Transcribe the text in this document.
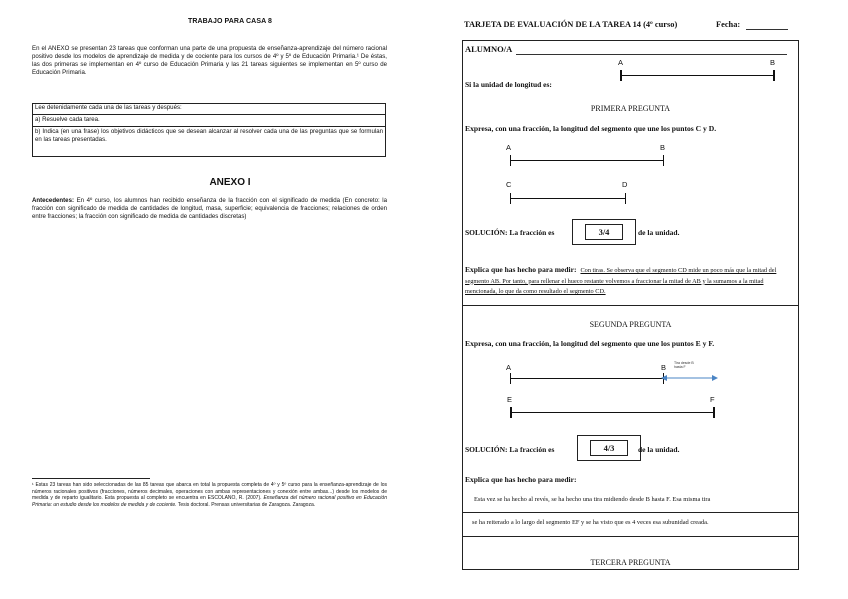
TRABAJO PARA CASA 8
En el ANEXO se presentan 23 tareas que conforman una parte de una propuesta de enseñanza-aprendizaje del número racional positivo desde los modelos de aprendizaje de medida y de cociente para los cursos de 4º y 5º de Educación Primaria.¹ De éstas, las dos primeras se implementan en 4º curso de Educación Primaria y las 21 tareas siguientes se implementan en 5º curso de Educación Primaria.

Lee detenidamente cada una de las tareas y después:

a) Resuelve cada tarea.

b) Indica (en una frase) los objetivos didácticos que se desean alcanzar al resolver cada una de las preguntas que se formulan en las tareas presentadas.

ANEXO I
Antecedentes: En 4º curso, los alumnos han recibido enseñanza de la fracción con el significado de medida (En concreto: la fracción con significado de medida de cantidades de longitud, masa, superficie; equivalencia de fracciones; relaciones de orden entre fracciones; la fracción con significado de medida de cantidades discretas)
¹ Estas 23 tareas han sido seleccionadas de las 85 tareas que abarca en total la propuesta completa de 4º y 5º curso para la enseñanza-aprendizaje de los números racionales positivos (fracciones, números decimales, operaciones con ambas representaciones y conexión entre ambas...) desde los modelos de medida y de reparto igualitario. Esta propuesta al completo se encuentra en ESCOLANO, R. (2007). Enseñanza del número racional positivo en Educación Primaria: un estudio desde los modelos de medida y de cociente. Tesis doctoral. Prensas universitarias de Zaragoza. Zaragoza.
TARJETA DE EVALUACIÓN DE LA TAREA 14 (4º curso)	Fecha:
ALUMNO/A
A	B
Si la unidad de longitud es:
PRIMERA PREGUNTA
Expresa, con una fracción, la longitud del segmento que une los puntos C y D.
A	B
C	D
SOLUCIÓN: La fracción es	3/4	de la unidad.
Explica que has hecho para medir: Con tiras. Se observa que el segmento CD mide un poco más que la mitad del segmento AB. Por tanto, para rellenar el hueco restante volvemos a fraccionar la mitad de AB y la sumamos a la mitad mencionada, lo que da como resultado el segmento CD.
SEGUNDA PREGUNTA
Expresa, con una fracción, la longitud del segmento que une los puntos E y F.
A	B Tira desde B hasta F
E	F
SOLUCIÓN: La fracción es	4/3	de la unidad.
Explica que has hecho para medir:
Esta vez se ha hecho al revés, se ha hecho una tira midiendo desde B hasta F. Esa misma tira
se ha reiterado a lo largo del segmento EF y se ha visto que es 4 veces esa subunidad creada.
TERCERA PREGUNTA
